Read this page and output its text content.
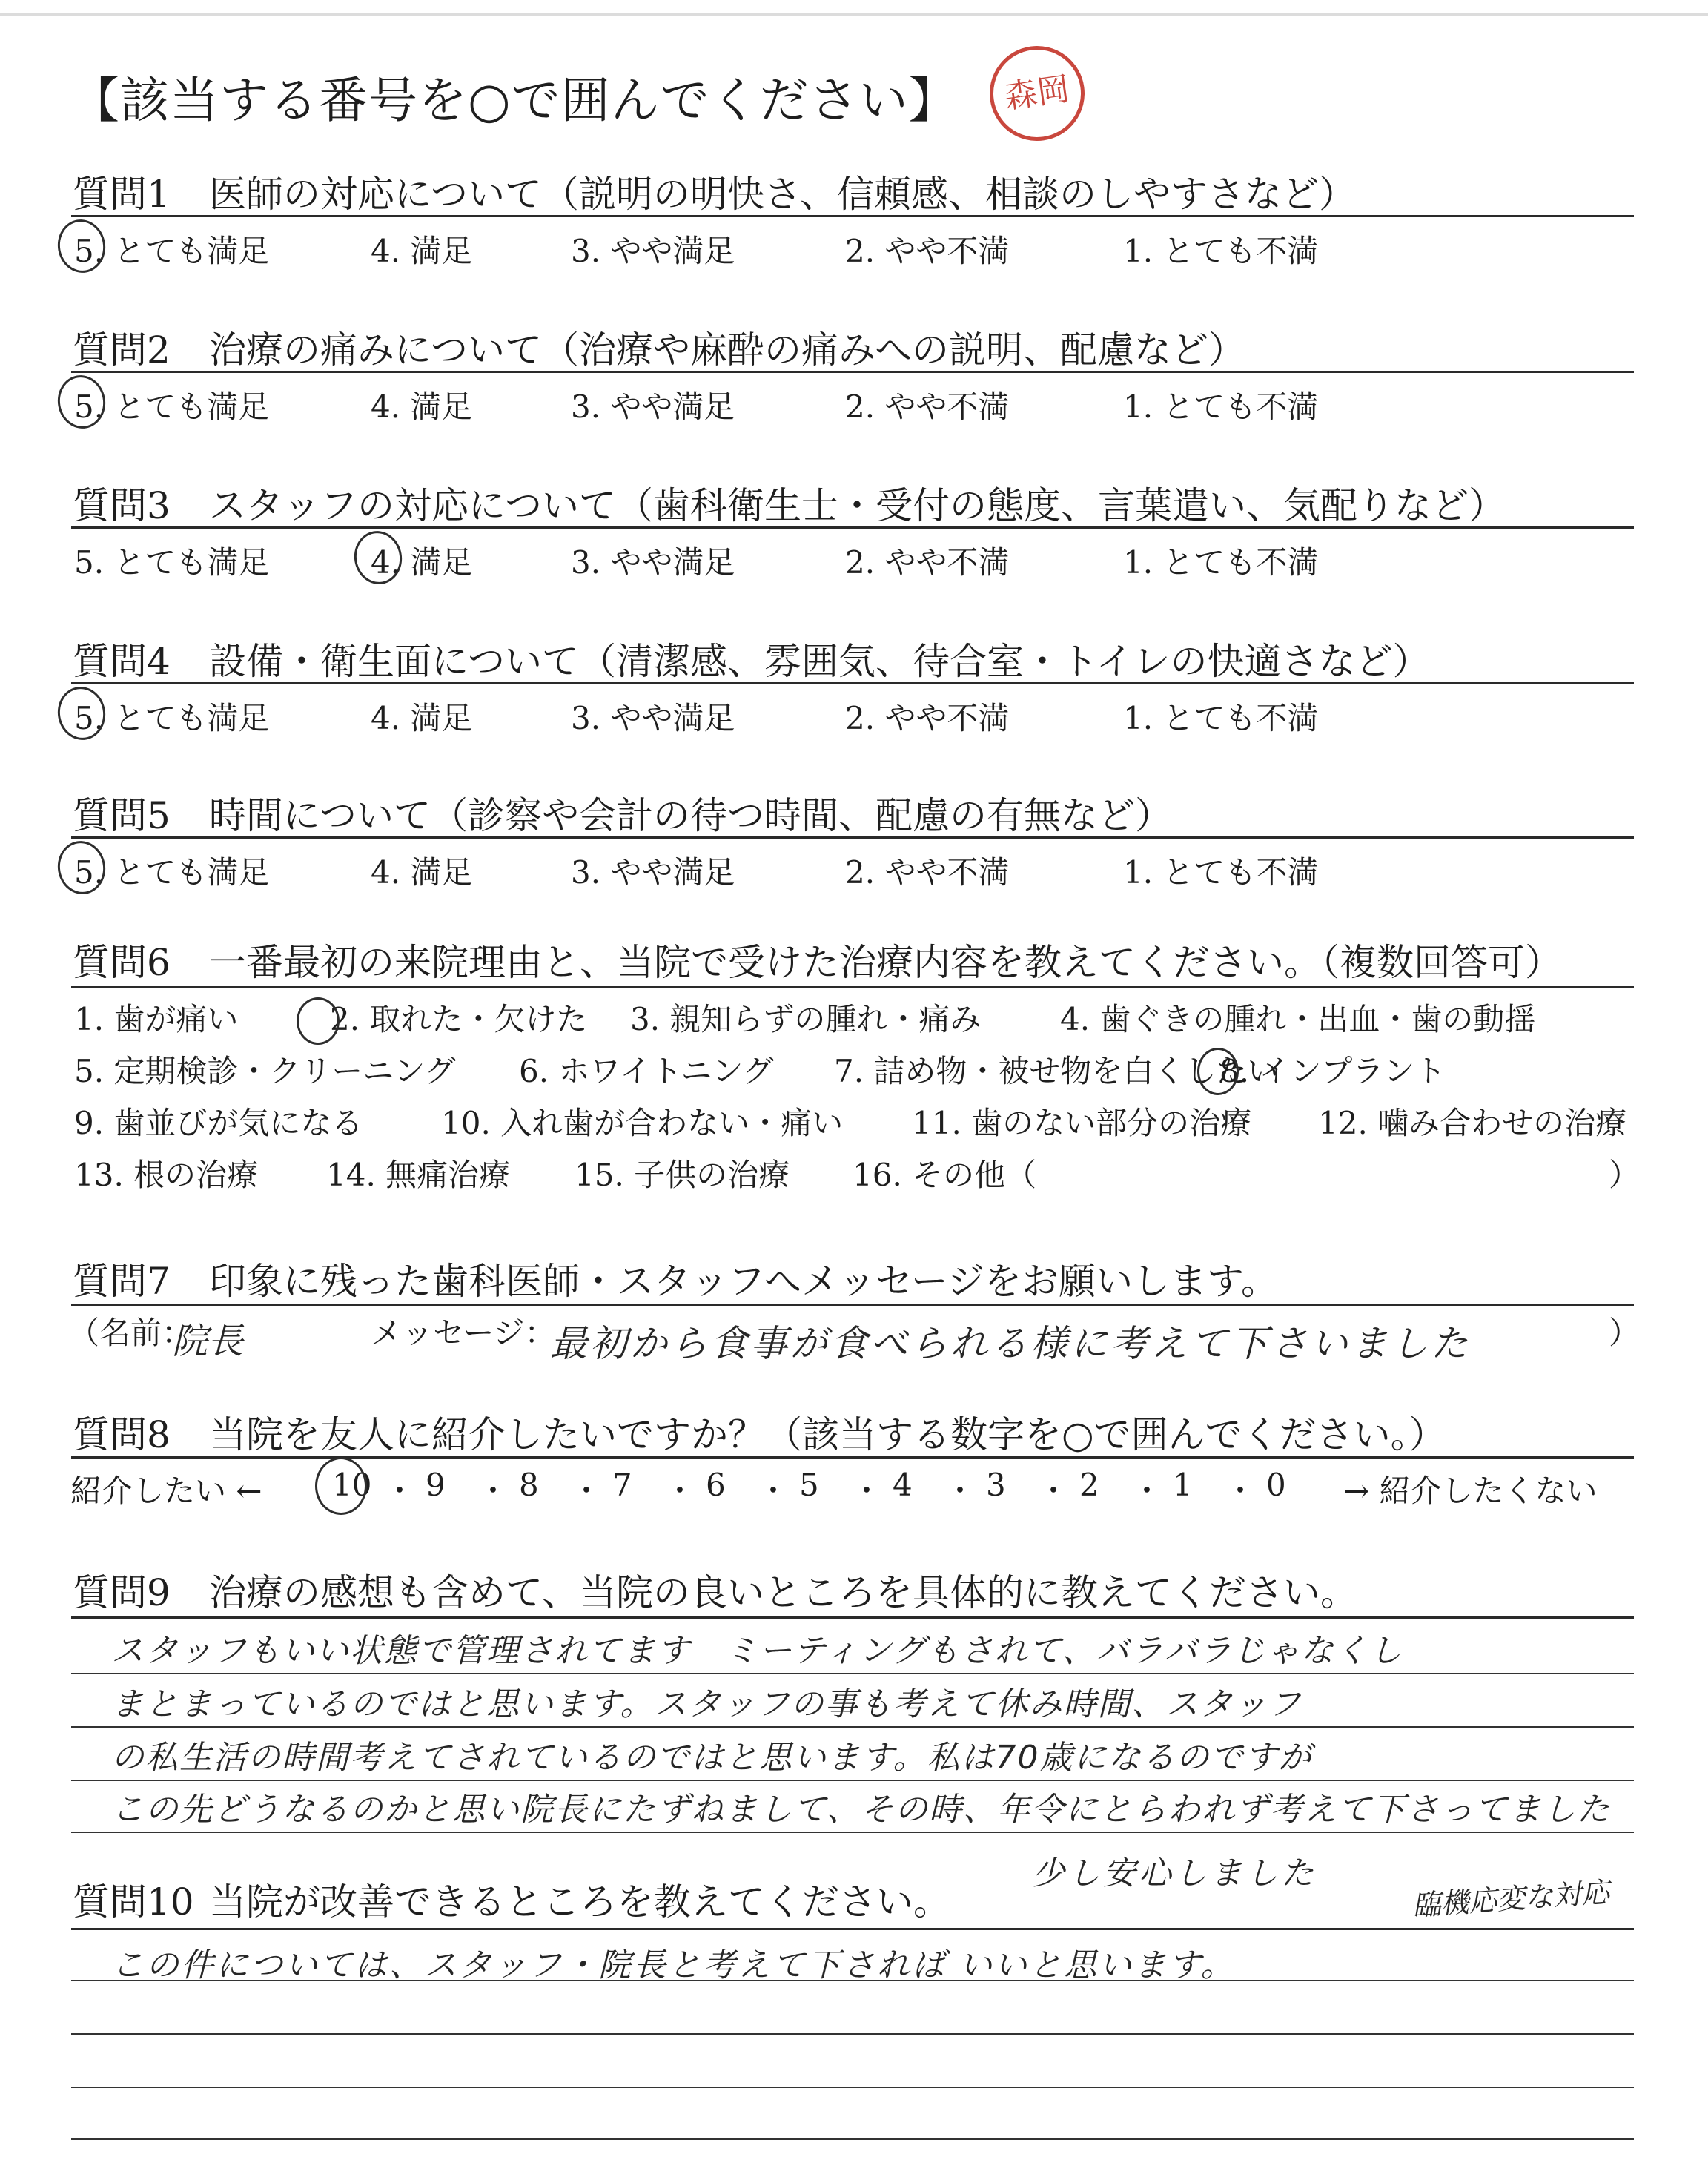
【該当する番号を○で囲んでください】 森岡
質問1 医師の対応について（説明の明快さ、信頼感、相談のしやすさなど）
5. とても満足	4. 満足	3. やや満足	2. やや不満	1. とても不満
質問2 治療の痛みについて（治療や麻酔の痛みへの説明、配慮など）
5. とても満足	4. 満足	3. やや満足	2. やや不満	1. とても不満
質問3 スタッフの対応について（歯科衛生士・受付の態度、言葉遣い、気配りなど）
5. とても満足	4. 満足	3. やや満足	2. やや不満	1. とても不満
質問4 設備・衛生面について（清潔感、雰囲気、待合室・トイレの快適さなど）
5. とても満足	4. 満足	3. やや満足	2. やや不満	1. とても不満
質問5 時間について（診察や会計の待つ時間、配慮の有無など）
5. とても満足	4. 満足	3. やや満足	2. やや不満	1. とても不満
質問6 一番最初の来院理由と、当院で受けた治療内容を教えてください。（複数回答可）
1. 歯が痛い	2. 取れた・欠けた 3. 親知らずの腫れ・痛み	4. 歯ぐきの腫れ・出血・歯の動揺
5. 定期検診・クリーニング 6. ホワイトニング 7. 詰め物・被せ物を白くしたい
8. インプラント
9. 歯並びが気になる	10. 入れ歯が合わない・痛い 11. 歯のない部分の治療 12. 噛み合わせの治療
13. 根の治療 14. 無痛治療 15. 子供の治療 16. その他（	）
質問7 印象に残った歯科医師・スタッフへメッセージをお願いします。
（名前：
院長	メッセージ：
最初から食事が食べられる様に考えて下さいました	）
質問8 当院を友人に紹介したいですか？（該当する数字を○で囲んでください。）
紹介したい ← 10 ・ 9 ・ 8 ・ 7 ・ 6 ・ 5 ・ 4 ・ 3 ・ 2 ・ 1 ・ 0 → 紹介したくない
質問9 治療の感想も含めて、当院の良いところを具体的に教えてください。
スタッフもいい状態で管理されてます　ミーティングもされて、バラバラじゃなくし
まとまっているのではと思います。スタッフの事も考えて休み時間、スタッフ
の私生活の時間考えてされているのではと思います。私は70歳になるのですが
この先どうなるのかと思い院長にたずねまして、その時、年令にとらわれず考えて下さってました
少し安心しました
質問10 当院が改善できるところを教えてください。	臨機応変な対応
この件については、スタッフ・院長と考えて下されば いいと思います。
